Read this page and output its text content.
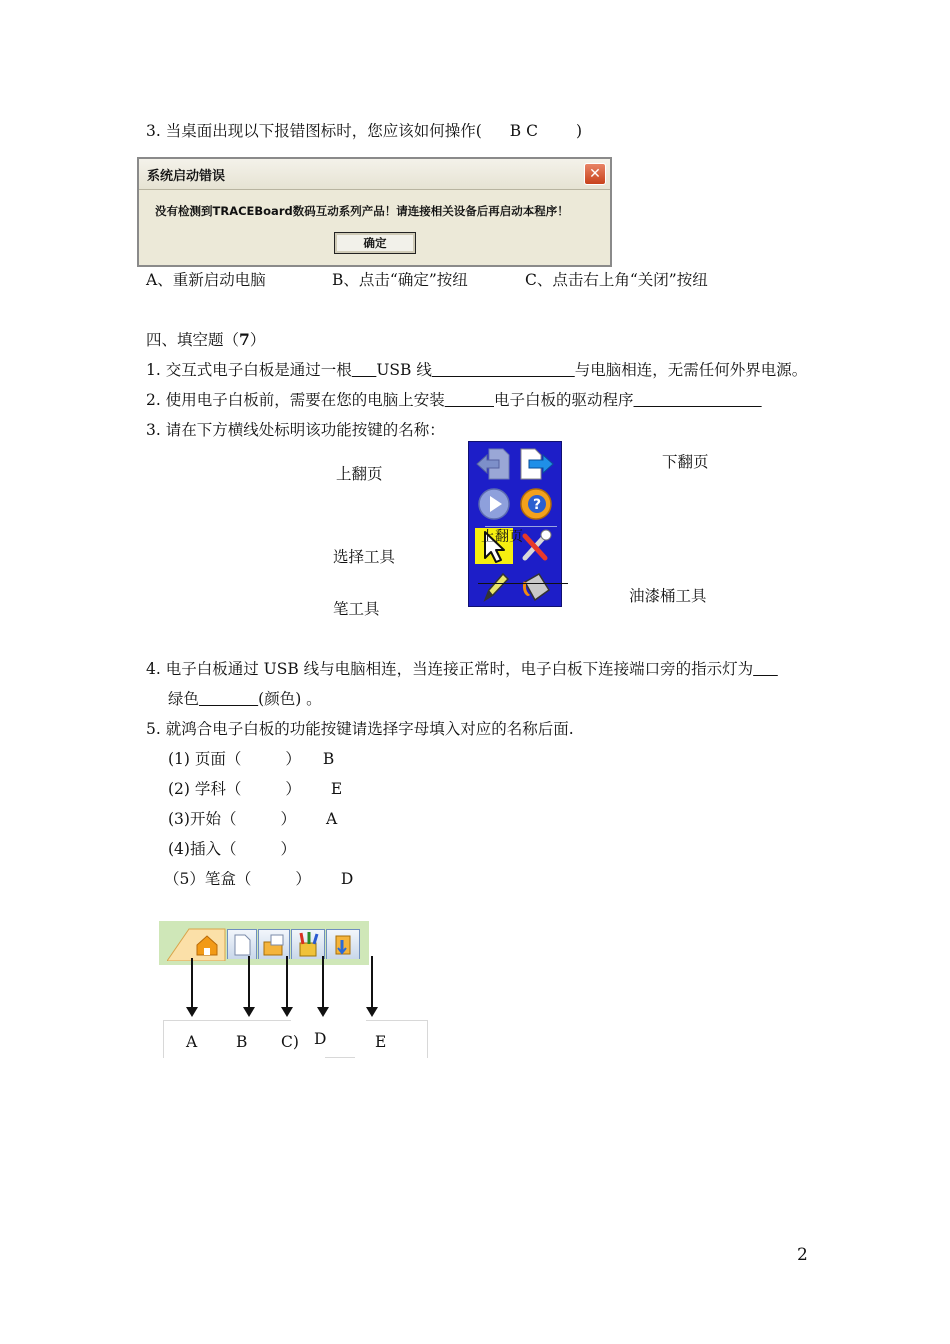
3. 当桌面出现以下报错图标时，您应该如何操作( B C )
系统启动错误	✕
没有检测到TRACEBoard数码互动系列产品！请连接相关设备后再启动本程序！
确定
A、重新启动电脑	B、点击“确定”按纽	C、点击右上角“关闭”按纽
四、填空题（7）
1. 交互式电子白板是通过一根 USB 线	与电脑相连，无需任何外界电源。
2. 使用电子白板前，需要在您的电脑上安装	电子白板的驱动程序
3. 请在下方横线处标明该功能按键的名称：
上翻页
下翻页
选择工具
笔工具
油漆桶工具
?
上翻页
4. 电子白板通过 USB 线与电脑相连，当连接正常时，电子白板下连接端口旁的指示灯为
绿色	(颜色) 。
5. 就鸿合电子白板的功能按键请选择字母填入对应的名称后面.
(1) 页面（	） B
(2) 学科（	） E
(3)开始（	） A
(4)插入（	）
（5）笔盒（	） D
A	B C) D	E
2
